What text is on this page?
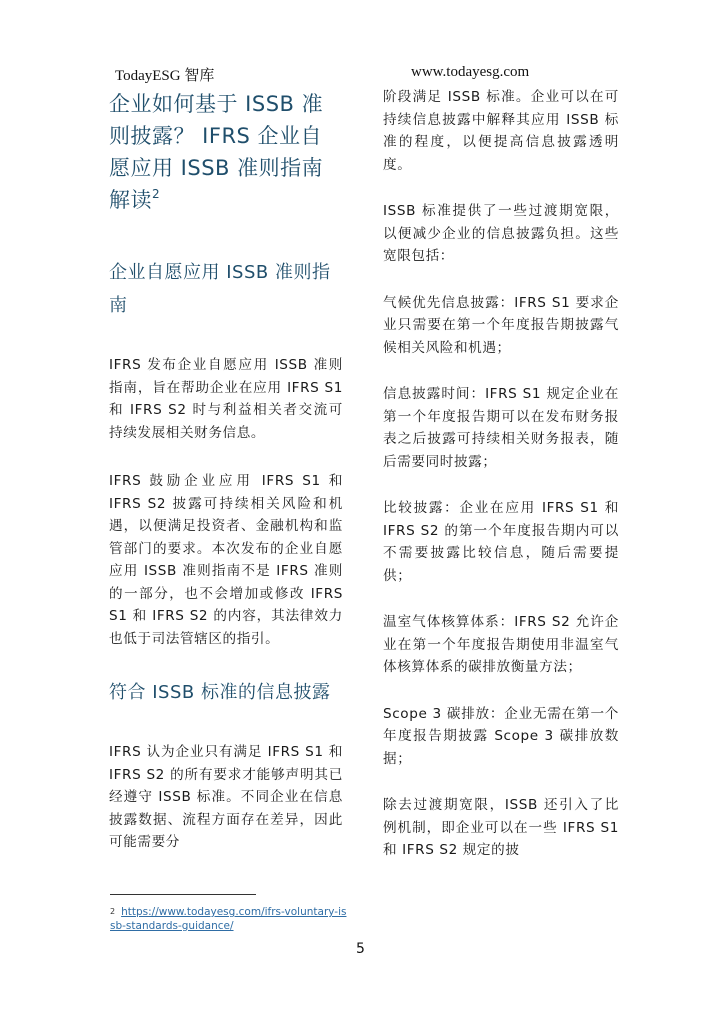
TodayESG 智库	www.todayesg.com
企业如何基于 ISSB 准则披露？ IFRS 企业自愿应用 ISSB 准则指南解读$^2$
企业自愿应用 ISSB 准则指南

IFRS 发布企业自愿应用 ISSB 准则指南，旨在帮助企业在应用 IFRS S1 和 IFRS S2 时与利益相关者交流可持续发展相关财务信息。

IFRS 鼓励企业应用 IFRS S1 和 IFRS S2 披露可持续相关风险和机遇，以便满足投资者、金融机构和监管部门的要求。本次发布的企业自愿应用 ISSB 准则指南不是 IFRS 准则的一部分，也不会增加或修改 IFRS S1 和 IFRS S2 的内容，其法律效力也低于司法管辖区的指引。

符合 ISSB 标准的信息披露

IFRS 认为企业只有满足 IFRS S1 和 IFRS S2 的所有要求才能够声明其已经遵守 ISSB 标准。不同企业在信息披露数据、流程方面存在差异，因此可能需要分

阶段满足 ISSB 标准。企业可以在可持续信息披露中解释其应用 ISSB 标准的程度，以便提高信息披露透明度。

ISSB 标准提供了一些过渡期宽限，以便减少企业的信息披露负担。这些宽限包括：

气候优先信息披露：IFRS S1 要求企业只需要在第一个年度报告期披露气候相关风险和机遇；

信息披露时间：IFRS S1 规定企业在第一个年度报告期可以在发布财务报表之后披露可持续相关财务报表，随后需要同时披露；

比较披露：企业在应用 IFRS S1 和 IFRS S2 的第一个年度报告期内可以不需要披露比较信息，随后需要提供；

温室气体核算体系：IFRS S2 允许企业在第一个年度报告期使用非温室气体核算体系的碳排放衡量方法；

Scope 3 碳排放：企业无需在第一个年度报告期披露 Scope 3 碳排放数据；

除去过渡期宽限，ISSB 还引入了比例机制，即企业可以在一些 IFRS S1 和 IFRS S2 规定的披

$^2$ https://www.todayesg.com/ifrs-voluntary-issb-standards-guidance/
5
